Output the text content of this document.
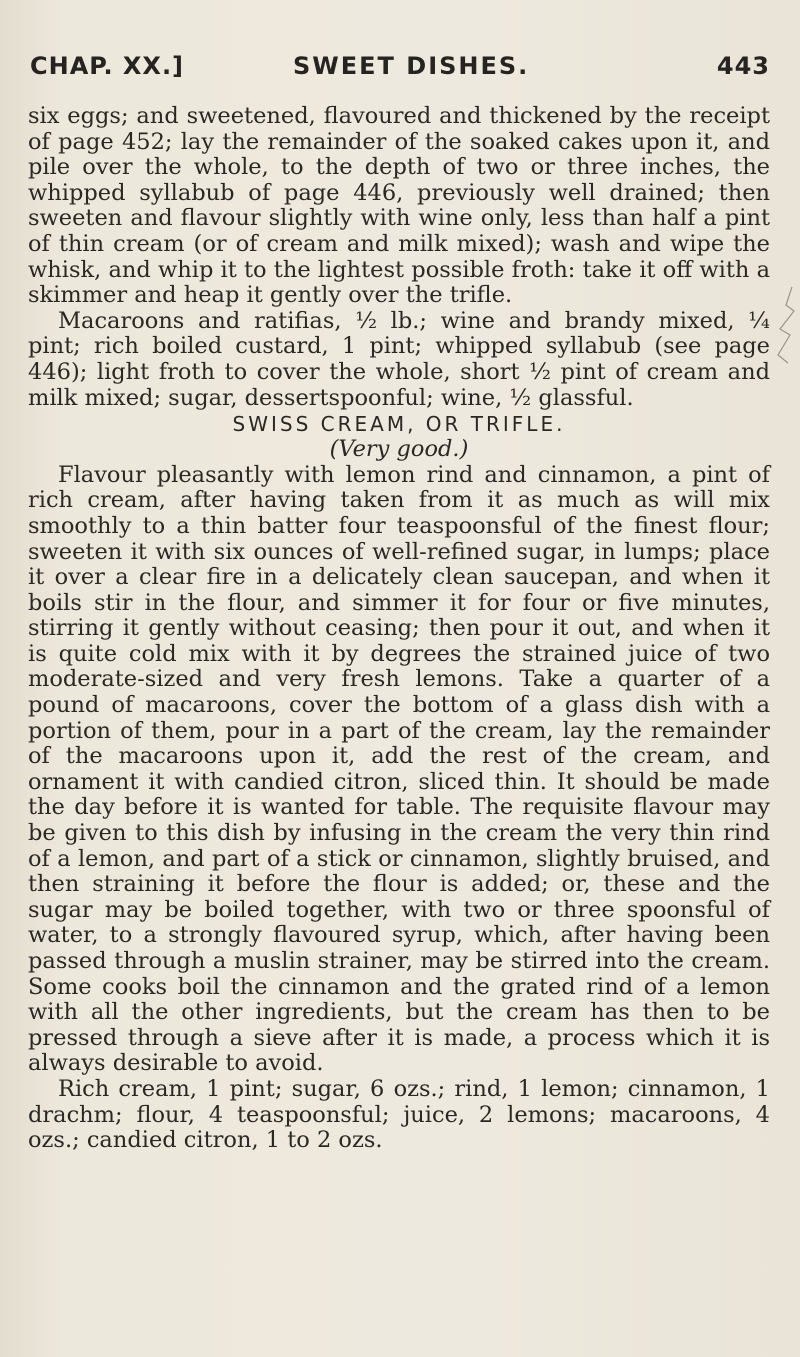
CHAP. XX.]	SWEET DISHES.	443

six eggs; and sweetened, flavoured and thickened by the receipt of page 452; lay the remainder of the soaked cakes upon it, and pile over the whole, to the depth of two or three inches, the whipped syllabub of page 446, previously well drained; then sweeten and flavour slightly with wine only, less than half a pint of thin cream (or of cream and milk mixed); wash and wipe the whisk, and whip it to the lightest possible froth: take it off with a skimmer and heap it gently over the trifle.

Macaroons and ratifias, ½ lb.; wine and brandy mixed, ¼ pint; rich boiled custard, 1 pint; whipped syllabub (see page 446); light froth to cover the whole, short ½ pint of cream and milk mixed; sugar, dessertspoonful; wine, ½ glassful.

SWISS CREAM, OR TRIFLE.

(Very good.)

Flavour pleasantly with lemon rind and cinnamon, a pint of rich cream, after having taken from it as much as will mix smoothly to a thin batter four teaspoonsful of the finest flour; sweeten it with six ounces of well-refined sugar, in lumps; place it over a clear fire in a delicately clean saucepan, and when it boils stir in the flour, and simmer it for four or five minutes, stirring it gently without ceasing; then pour it out, and when it is quite cold mix with it by degrees the strained juice of two moderate-sized and very fresh lemons. Take a quarter of a pound of macaroons, cover the bottom of a glass dish with a portion of them, pour in a part of the cream, lay the remainder of the macaroons upon it, add the rest of the cream, and ornament it with candied citron, sliced thin. It should be made the day before it is wanted for table. The requisite flavour may be given to this dish by infusing in the cream the very thin rind of a lemon, and part of a stick or cinnamon, slightly bruised, and then straining it before the flour is added; or, these and the sugar may be boiled together, with two or three spoonsful of water, to a strongly flavoured syrup, which, after having been passed through a muslin strainer, may be stirred into the cream. Some cooks boil the cinnamon and the grated rind of a lemon with all the other ingredients, but the cream has then to be pressed through a sieve after it is made, a process which it is always desirable to avoid.

Rich cream, 1 pint; sugar, 6 ozs.; rind, 1 lemon; cinnamon, 1 drachm; flour, 4 teaspoonsful; juice, 2 lemons; macaroons, 4 ozs.; candied citron, 1 to 2 ozs.
